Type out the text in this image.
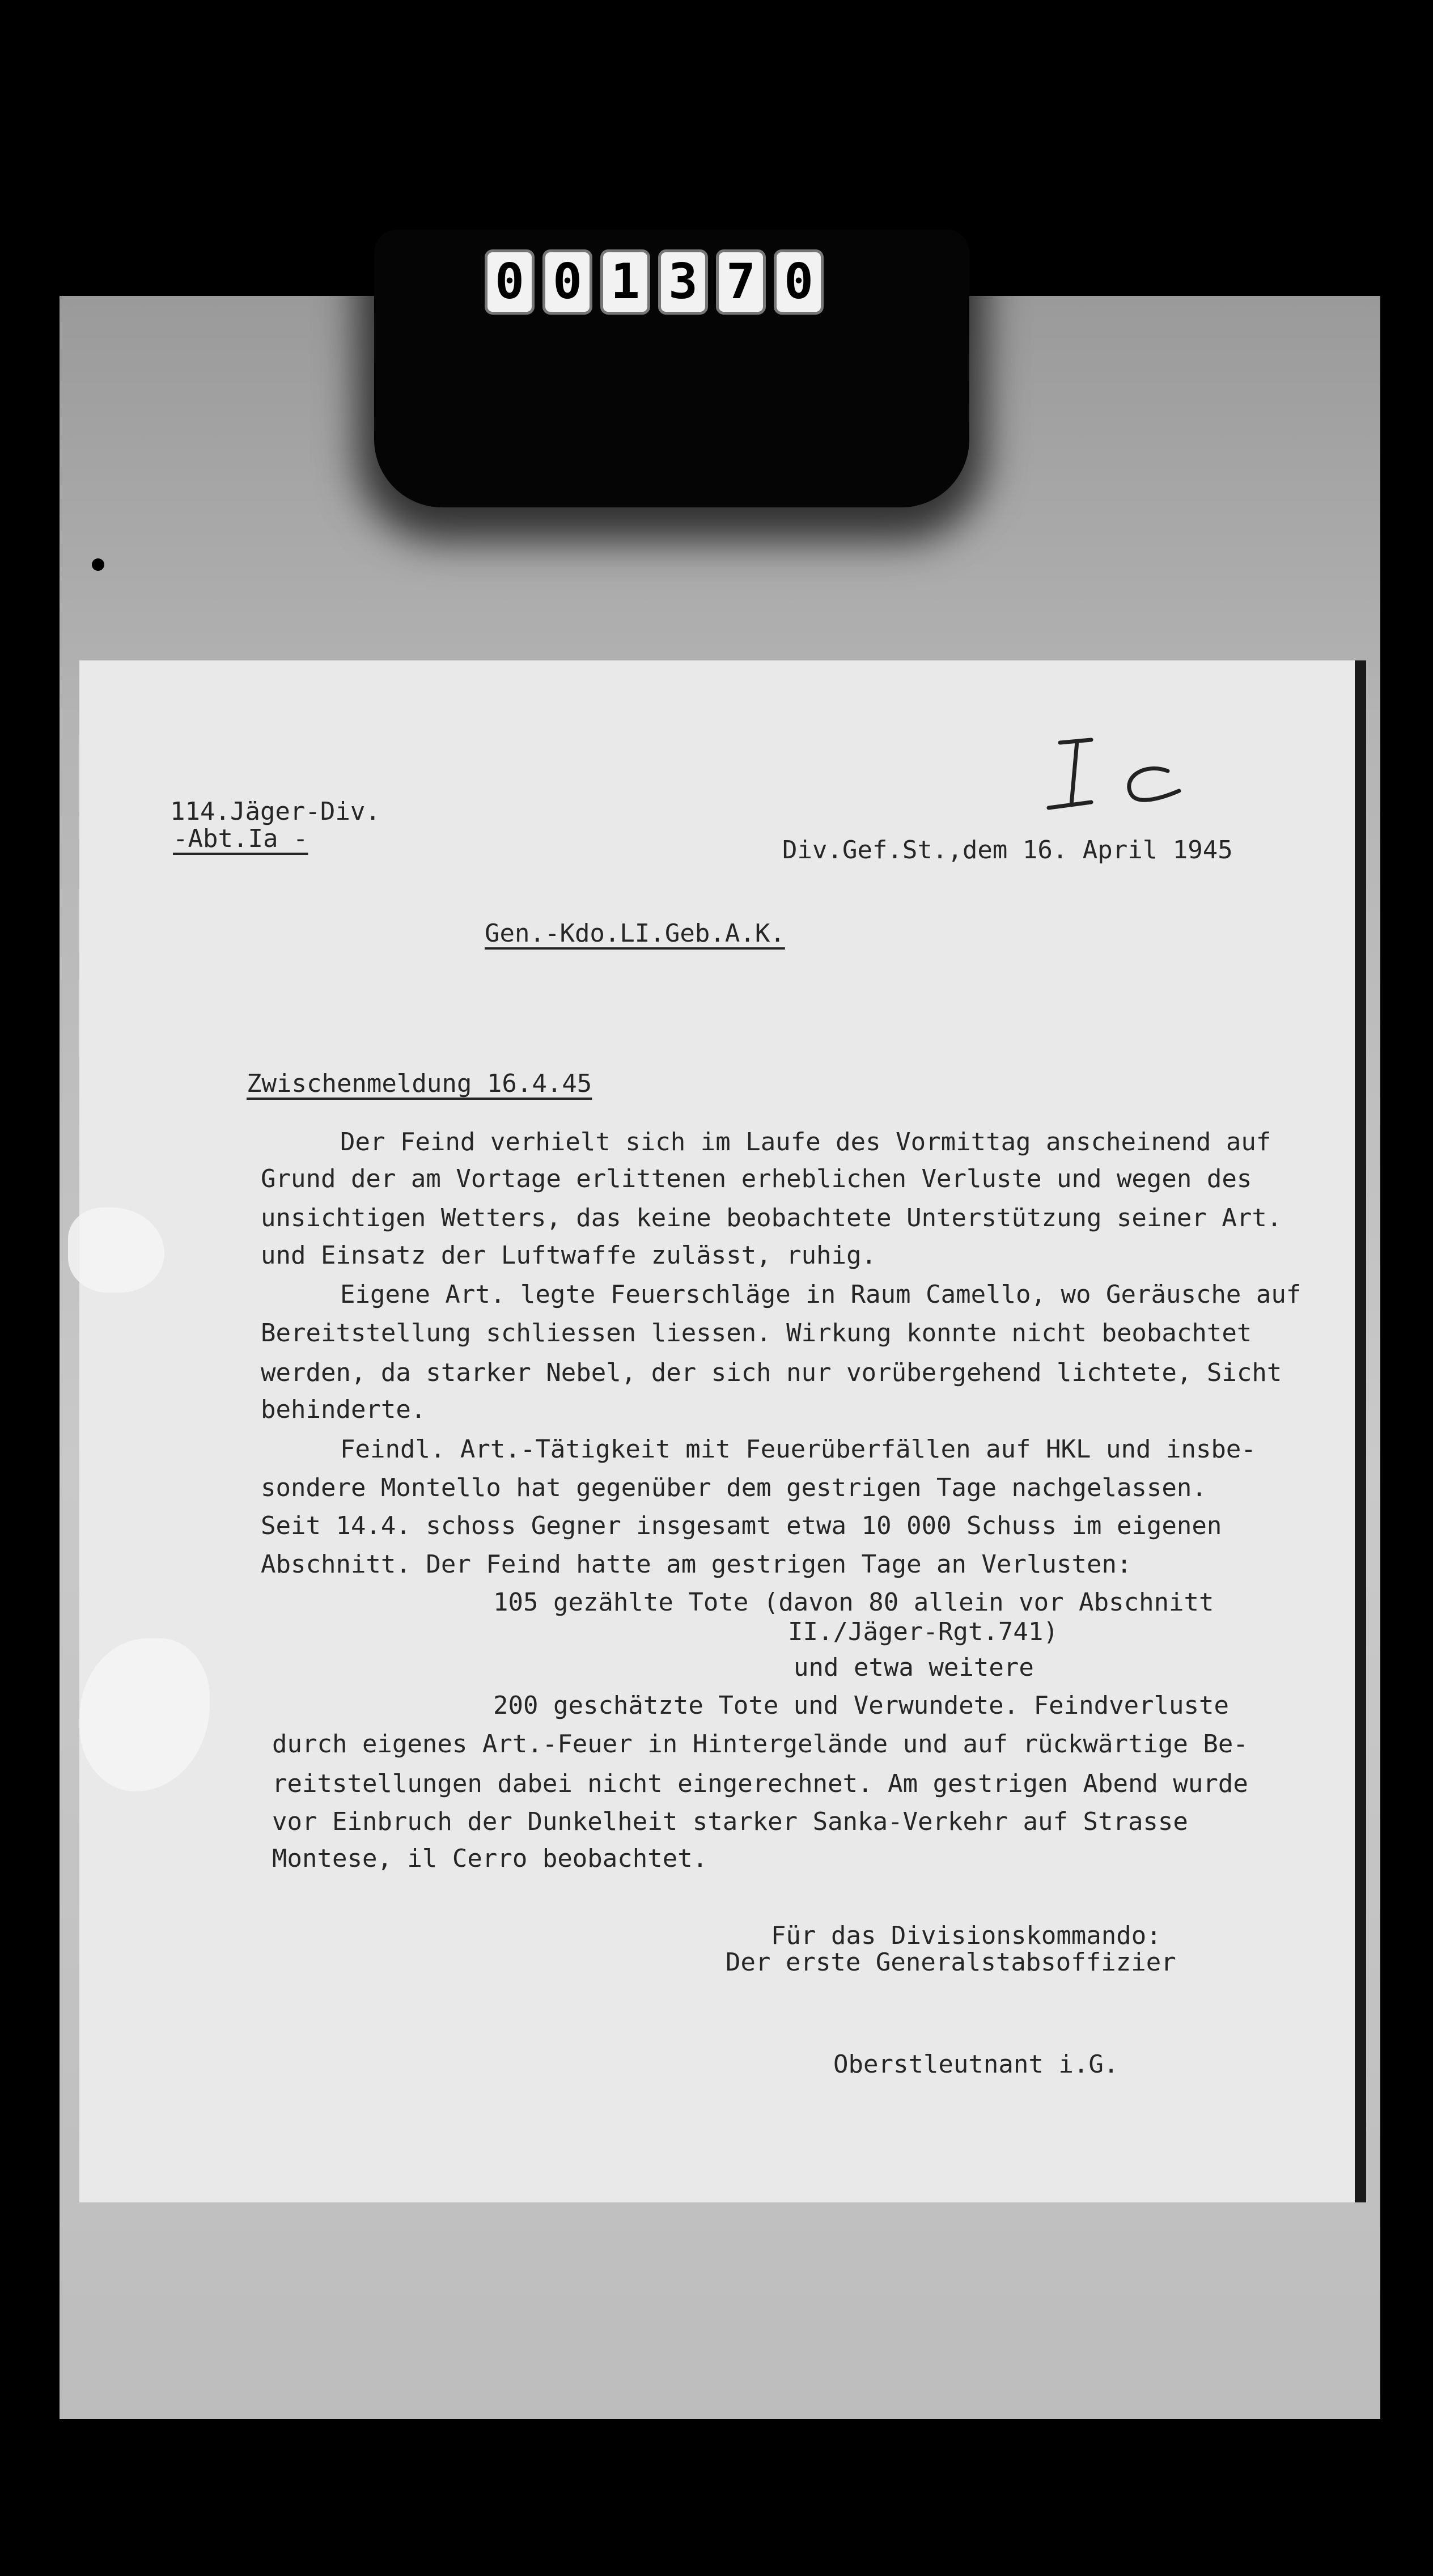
0 0 1 3 7 0
114.Jäger-Div.
-Abt.Ia -	Div.Gef.St.,dem 16. April 1945
Gen.-Kdo.LI.Geb.A.K.
Zwischenmeldung 16.4.45
Der Feind verhielt sich im Laufe des Vormittag anscheinend auf
Grund der am Vortage erlittenen erheblichen Verluste und wegen des
unsichtigen Wetters, das keine beobachtete Unterstützung seiner Art.
und Einsatz der Luftwaffe zulässt, ruhig.
Eigene Art. legte Feuerschläge in Raum Camello, wo Geräusche auf
Bereitstellung schliessen liessen. Wirkung konnte nicht beobachtet
werden, da starker Nebel, der sich nur vorübergehend lichtete, Sicht
behinderte.
Feindl. Art.-Tätigkeit mit Feuerüberfällen auf HKL und insbe-
sondere Montello hat gegenüber dem gestrigen Tage nachgelassen.
Seit 14.4. schoss Gegner insgesamt etwa 10 000 Schuss im eigenen
Abschnitt. Der Feind hatte am gestrigen Tage an Verlusten:
105 gezählte Tote (davon 80 allein vor Abschnitt
II./Jäger-Rgt.741)
und etwa weitere
200 geschätzte Tote und Verwundete. Feindverluste
durch eigenes Art.-Feuer in Hintergelände und auf rückwärtige Be-
reitstellungen dabei nicht eingerechnet. Am gestrigen Abend wurde
vor Einbruch der Dunkelheit starker Sanka-Verkehr auf Strasse
Montese, il Cerro beobachtet.
Für das Divisionskommando:
Der erste Generalstabsoffizier
Oberstleutnant i.G.
